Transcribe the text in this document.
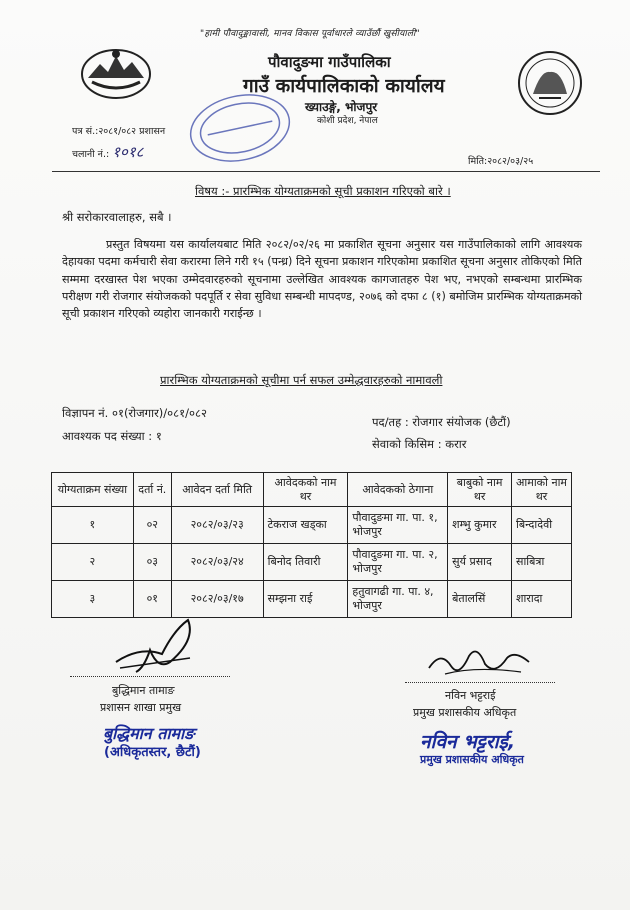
"हामी पौवादुङ्मावासी, मानव विकास पूर्वाधारले व्याउँछौं खुसीयाली"
पौवादुङमा गाउँपालिका
गाउँ कार्यपालिकाको कार्यालय
ख्याउङ्गे, भोजपुर
कोशी प्रदेश, नेपाल
पत्र सं.:२०८१/०८२ प्रशासन
चलानी नं.: १०१८
मिति:२०८२/०३/२५
विषय :- प्रारम्भिक योग्यताक्रमको सूची प्रकाशन गरिएको बारे ।
श्री सरोकारवालाहरु, सबै ।
प्रस्तुत विषयमा यस कार्यालयबाट मिति २०८२/०२/२६ मा प्रकाशित सूचना अनुसार यस गाउँपालिकाको लागि आवश्यक देहायका पदमा कर्मचारी सेवा करारमा लिने गरी १५ (पन्ध्र) दिने सूचना प्रकाशन गरिएकोमा प्रकाशित सूचना अनुसार तोकिएको मिति सम्ममा दरखास्त पेश भएका उम्मेदवारहरुको सूचनामा उल्लेखित आवश्यक कागजातहरु पेश भए, नभएको सम्बन्धमा प्रारम्भिक परीक्षण गरी रोजगार संयोजकको पदपूर्ति र सेवा सुविधा सम्बन्धी मापदण्ड, २०७६ को दफा ८ (१) बमोजिम प्रारम्भिक योग्यताक्रमको सूची प्रकाशन गरिएको व्यहोरा जानकारी गराईन्छ ।
प्रारम्भिक योग्यताक्रमको सूचीमा पर्न सफल उम्मेद्धवारहरुको नामावली
विज्ञापन नं. ०१(रोजगार)/०८१/०८२
आवश्यक पद संख्या : १
पद/तह : रोजगार संयोजक (छैटौं)
सेवाको किसिम : करार
योग्यताक्रम संख्या	दर्ता नं.	आवेदन दर्ता मिति	आवेदकको नाम थर	आवेदकको ठेगाना	बाबुको नाम थर	आमाको नाम थर
१	०२	२०८२/०३/२३	टेकराज खड्का	पौवादुङमा गा. पा. १, भोजपुर	शम्भु कुमार	बिन्दादेवी
२	०३	२०८२/०३/२४	बिनोद तिवारी	पौवादुङमा गा. पा. २, भोजपुर	सुर्य प्रसाद	साबित्रा
३	०१	२०८२/०३/१७	सम्झना राई	हतुवागढी गा. पा. ४, भोजपुर	बेतालसिं	शारादा
बुद्धिमान तामाङ
प्रशासन शाखा प्रमुख
नविन भट्टराई
प्रमुख प्रशासकीय अधिकृत
बुद्धिमान तामाङ
(अधिकृतस्तर, छैटौं)	नविन भट्टराई,
प्रमुख प्रशासकीय अधिकृत
